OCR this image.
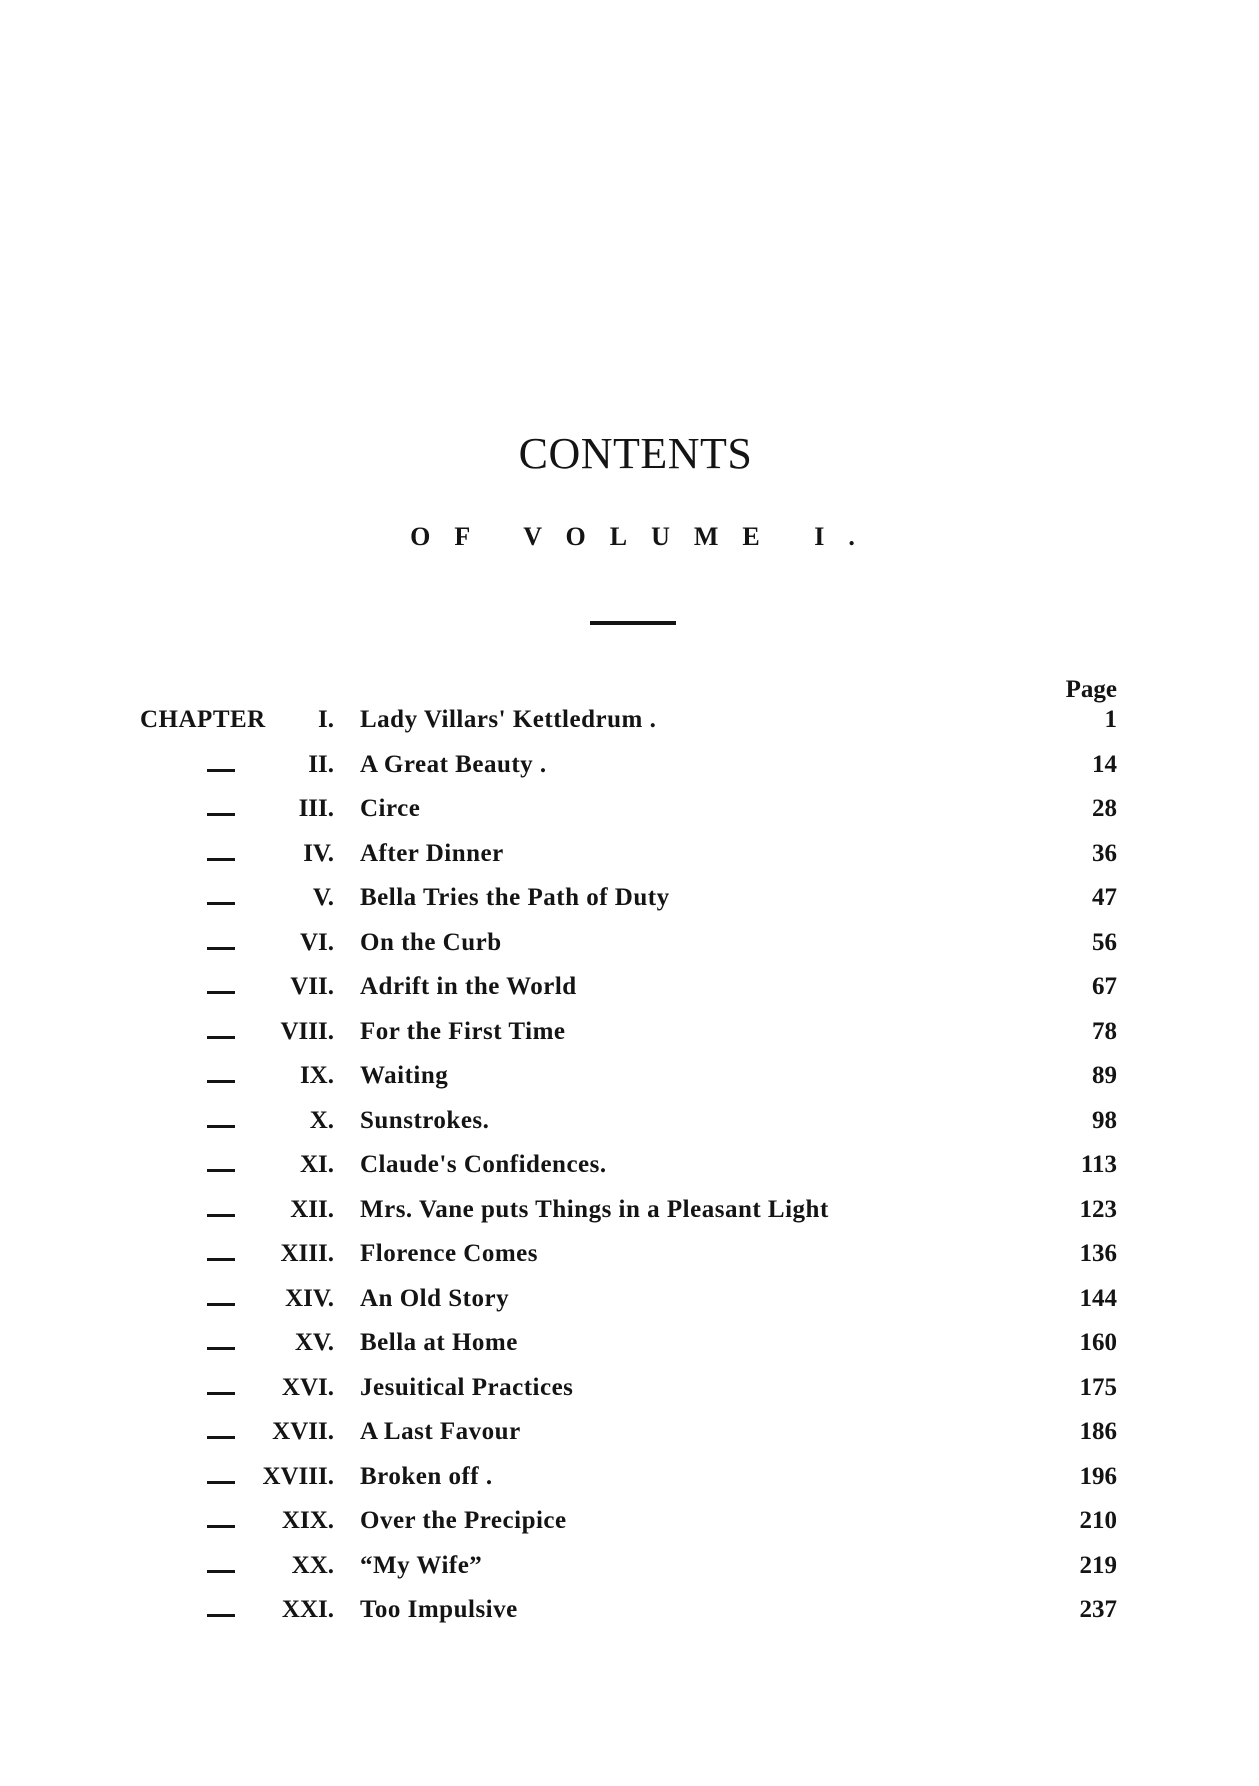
CONTENTS
OF VOLUME I.
Page
CHAPTER I. Lady Villars' Kettledrum .	1
II. A Great Beauty .	14
III. Circe	28
IV. After Dinner	36
V. Bella Tries the Path of Duty	47
VI. On the Curb	56
VII. Adrift in the World	67
VIII. For the First Time	78
IX. Waiting	89
X. Sunstrokes.	98
XI. Claude's Confidences.	113
XII. Mrs. Vane puts Things in a Pleasant Light	123
XIII. Florence Comes	136
XIV. An Old Story	144
XV. Bella at Home	160
XVI. Jesuitical Practices	175
XVII. A Last Favour	186
XVIII. Broken off .	196
XIX. Over the Precipice	210
XX. “My Wife”	219
XXI. Too Impulsive	237
